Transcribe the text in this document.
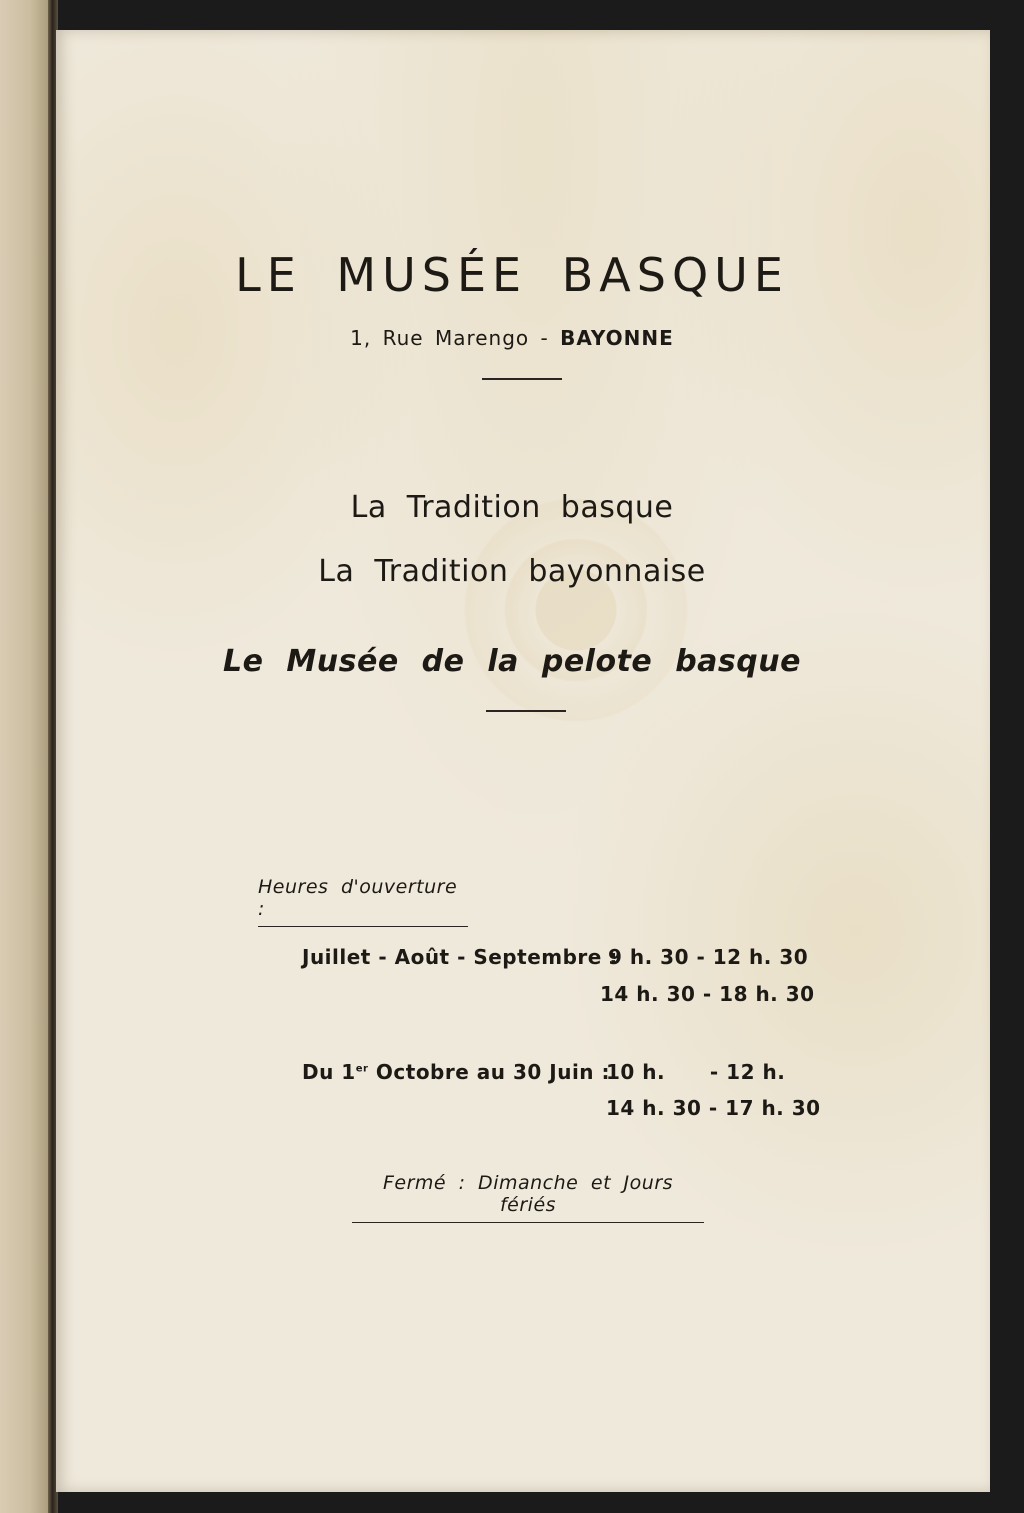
LE MUSÉE BASQUE
1, Rue Marengo - BAYONNE
La Tradition basque
La Tradition bayonnaise
Le Musée de la pelote basque
Heures d'ouverture :
Juillet - Août - Septembre :
9 h. 30 - 12 h. 30
14 h. 30 - 18 h. 30
Du 1er Octobre au 30 Juin :
10 h.      - 12 h.
14 h. 30 - 17 h. 30
Fermé : Dimanche et Jours fériés
